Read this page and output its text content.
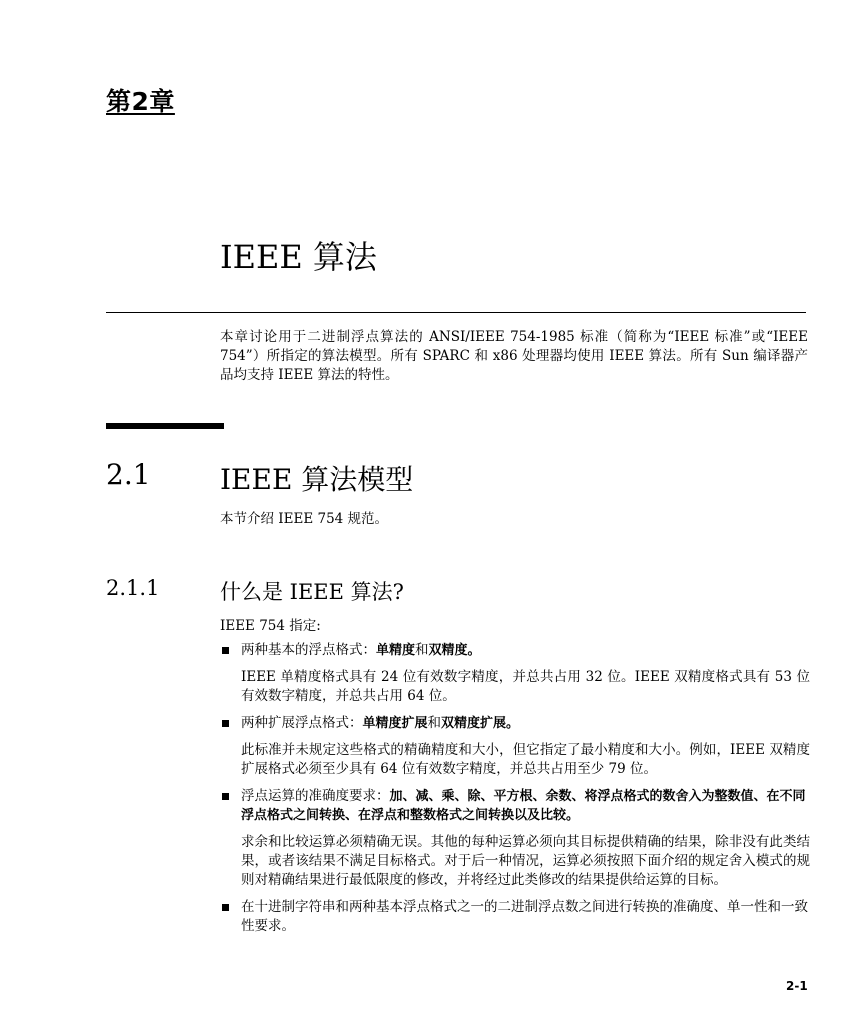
第2章
IEEE 算法
本章讨论用于二进制浮点算法的 ANSI/IEEE 754-1985 标准（简称为“IEEE 标准”或“IEEE 754”）所指定的算法模型。所有 SPARC 和 x86 处理器均使用 IEEE 算法。所有 Sun 编译器产品均支持 IEEE 算法的特性。
2.1 IEEE 算法模型
本节介绍 IEEE 754 规范。
2.1.1	什么是 IEEE 算法?
IEEE 754 指定:
两种基本的浮点格式：单精度和双精度。
IEEE 单精度格式具有 24 位有效数字精度，并总共占用 32 位。IEEE 双精度格式具有 53 位有效数字精度，并总共占用 64 位。
两种扩展浮点格式：单精度扩展和双精度扩展。
此标准并未规定这些格式的精确精度和大小，但它指定了最小精度和大小。例如，IEEE 双精度扩展格式必须至少具有 64 位有效数字精度，并总共占用至少 79 位。
浮点运算的准确度要求：加、减、乘、除、平方根、余数、将浮点格式的数舍入为整数值、在不同浮点格式之间转换、在浮点和整数格式之间转换以及比较。
求余和比较运算必须精确无误。其他的每种运算必须向其目标提供精确的结果，除非没有此类结果，或者该结果不满足目标格式。对于后一种情况，运算必须按照下面介绍的规定舍入模式的规则对精确结果进行最低限度的修改，并将经过此类修改的结果提供给运算的目标。
在十进制字符串和两种基本浮点格式之一的二进制浮点数之间进行转换的准确度、单一性和一致性要求。
2-1
